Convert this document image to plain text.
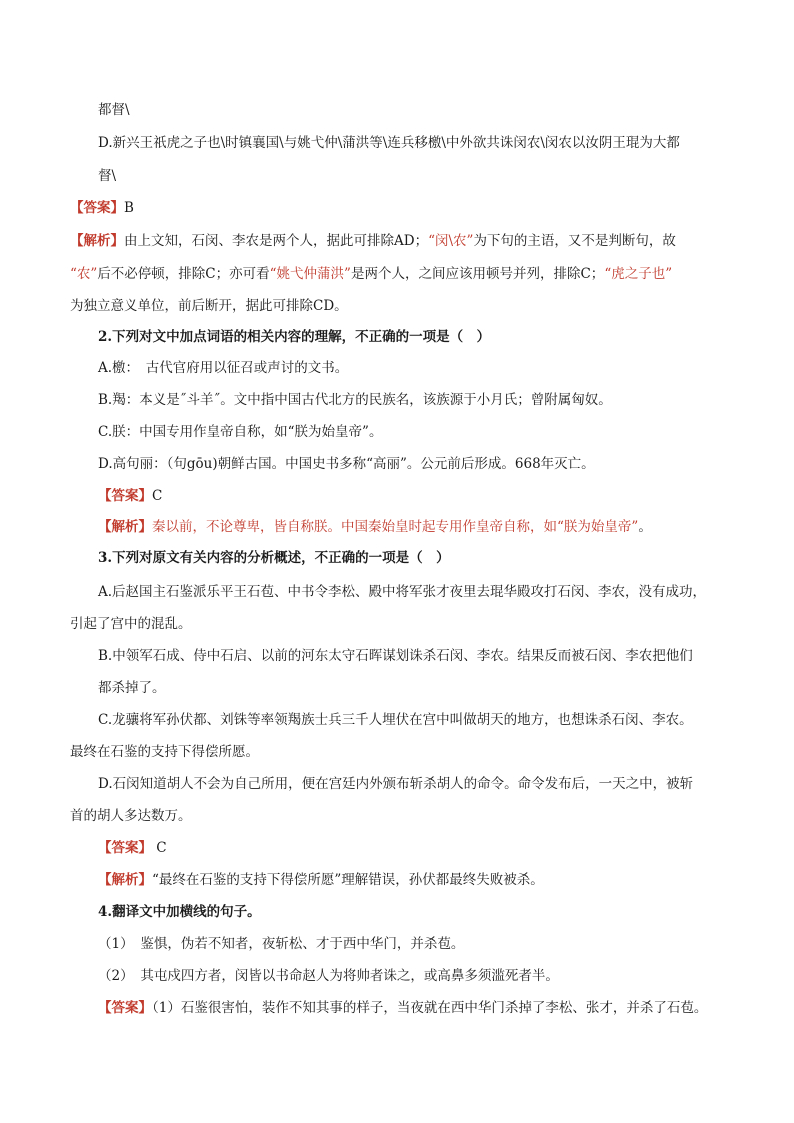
都督\
D.新兴王祇虎之子也\时镇襄国\与姚弋仲\蒲洪等\连兵移檄\中外欲共诛闵农\闵农以汝阴王琨为大都
督\
【答案】B
【解析】由上文知，石闵、李农是两个人，据此可排除AD；“闵\农”为下句的主语，又不是判断句，故
“农”后不必停顿，排除C；亦可看“姚弋仲蒲洪”是两个人，之间应该用顿号并列，排除C；“虎之子也”
为独立意义单位，前后断开，据此可排除CD。
2.下列对文中加点词语的相关内容的理解，不正确的一项是（　）
A.檄：　古代官府用以征召或声讨的文书。
B.羯：本义是˝斗羊˝。文中指中国古代北方的民族名，该族源于小月氏；曾附属匈奴。
C.朕：中国专用作皇帝自称，如“朕为始皇帝”。
D.高句丽：（句gōu)朝鲜古国。中国史书多称“高丽”。公元前后形成。668年灭亡。
【答案】C
【解析】秦以前，不论尊卑，皆自称朕。中国秦始皇时起专用作皇帝自称，如“朕为始皇帝”。
3.下列对原文有关内容的分析概述，不正确的一项是（　）
A.后赵国主石鉴派乐平王石苞、中书令李松、殿中将军张才夜里去琨华殿攻打石闵、李农，没有成功，
引起了宫中的混乱。
B.中领军石成、侍中石启、以前的河东太守石晖谋划诛杀石闵、李农。结果反而被石闵、李农把他们
都杀掉了。
C.龙骧将军孙伏都、刘铢等率领羯族士兵三千人埋伏在宫中叫做胡天的地方，也想诛杀石闵、李农。
最终在石鉴的支持下得偿所愿。
D.石闵知道胡人不会为自己所用，便在宫廷内外颁布斩杀胡人的命令。命令发布后，一天之中，被斩
首的胡人多达数万。
【答案】 C
【解析】“最终在石鉴的支持下得偿所愿”理解错误，孙伏都最终失败被杀。
4.翻译文中加横线的句子。
（1）　鉴惧，伪若不知者，夜斩松、才于西中华门，并杀苞。
（2）　其屯戍四方者，闵皆以书命赵人为将帅者诛之，或高鼻多须滥死者半。
【答案】（1）石鉴很害怕，装作不知其事的样子，当夜就在西中华门杀掉了李松、张才，并杀了石苞。
